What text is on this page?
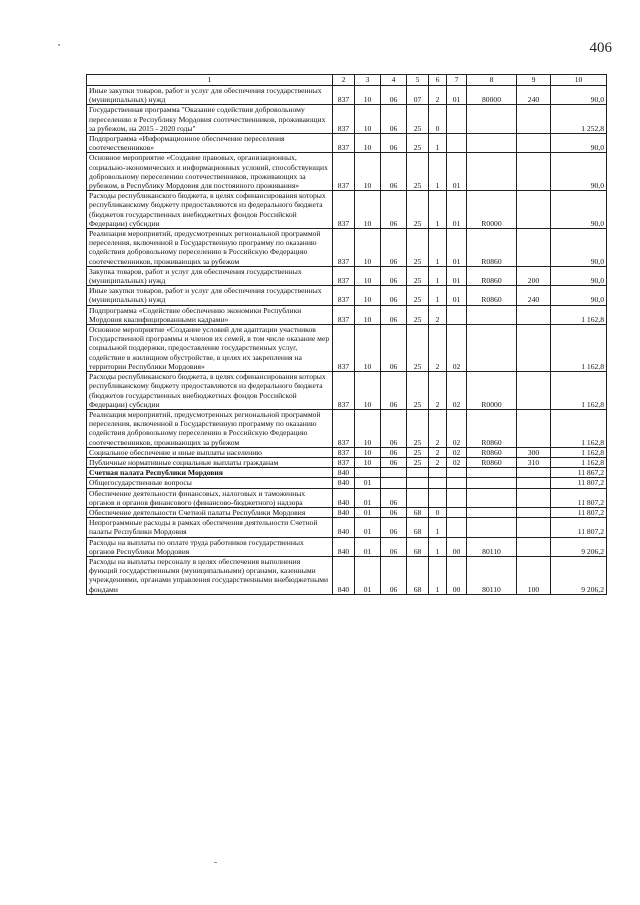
406
1	2	3	4	5	6	7	8	9	10
Иные закупки товаров, работ и услуг для обеспечения государственных (муниципальных) нужд	837	10	06	07	2	01	80000	240	90,0
Государственная программа "Оказание содействия добровольному переселению в Республику Мордовия соотечественников, проживающих за рубежом, на 2015 - 2020 годы"	837	10	06	25	0				1 252,8
Подпрограмма «Информационное обеспечение переселения соотечественников»	837	10	06	25	1				90,0
Основное мероприятие «Создание правовых, организационных, социально-экономических и информационных условий, способствующих добровольному переселению соотечественников, проживающих за рубежом, в Республику Мордовия для постоянного проживания»	837	10	06	25	1	01			90,0
Расходы республиканского бюджета, в целях софинансирования которых республиканскому бюджету предоставляются из федерального бюджета (бюджетов государственных внебюджетных фондов Российской Федерации) субсидии	837	10	06	25	1	01	R0000		90,0
Реализация мероприятий, предусмотренных региональной программой переселения, включенной в Государственную программу по оказанию содействия добровольному переселению в Российскую Федерацию соотечественников, проживающих за рубежом	837	10	06	25	1	01	R0860		90,0
Закупка товаров, работ и услуг для обеспечения государственных (муниципальных) нужд	837	10	06	25	1	01	R0860	200	90,0
Иные закупки товаров, работ и услуг для обеспечения государственных (муниципальных) нужд	837	10	06	25	1	01	R0860	240	90,0
Подпрограмма «Содействие обеспечению экономики Республики Мордовия квалифицированными кадрами»	837	10	06	25	2				1 162,8
Основное мероприятие «Создание условий для адаптации участников Государственной программы и членов их семей, в том числе оказание мер социальной поддержки, предоставление государственных услуг, содействие в жилищном обустройстве, в целях их закрепления на территории Республики Мордовия»	837	10	06	25	2	02			1 162,8
Расходы республиканского бюджета, в целях софинансирования которых республиканскому бюджету предоставляются из федерального бюджета (бюджетов государственных внебюджетных фондов Российской Федерации) субсидии	837	10	06	25	2	02	R0000		1 162,8
Реализация мероприятий, предусмотренных региональной программой переселения, включенной в Государственную программу по оказанию содействия добровольному переселению в Российскую Федерацию соотечественников, проживающих за рубежом	837	10	06	25	2	02	R0860		1 162,8
Социальное обеспечение и иные выплаты населению	837	10	06	25	2	02	R0860	300	1 162,8
Публичные нормативные социальные выплаты гражданам	837	10	06	25	2	02	R0860	310	1 162,8
Счетная палата Республики Мордовия	840								11 867,2
Общегосударственные вопросы	840	01							11 807,2
Обеспечение деятельности финансовых, налоговых и таможенных органов и органов финансового (финансово-бюджетного) надзора	840	01	06						11 807,2
Обеспечение деятельности Счетной палаты Республики Мордовия	840	01	06	68	0				11 807,2
Непрограммные расходы в рамках обеспечения деятельности Счетной палаты Республики Мордовия	840	01	06	68	1				11 807,2
Расходы на выплаты по оплате труда работников государственных органов Республики Мордовия	840	01	06	68	1	00	80110		9 206,2
Расходы на выплаты персоналу в целях обеспечения выполнения функций государственными (муниципальными) органами, казенными учреждениями, органами управления государственными внебюджетными фондами	840	01	06	68	1	00	80110	100	9 206,2
